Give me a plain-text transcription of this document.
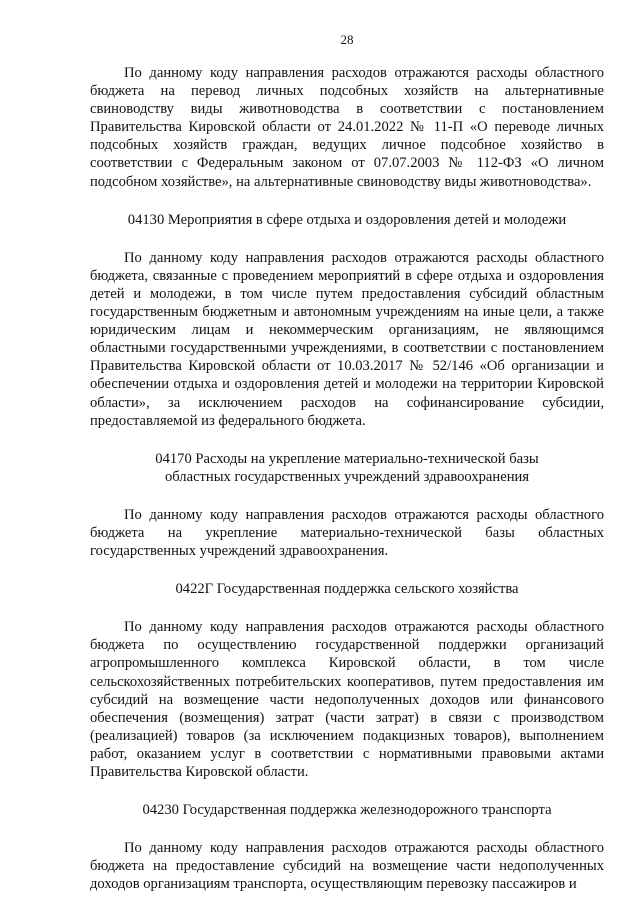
28

По данному коду направления расходов отражаются расходы областного бюджета на перевод личных подсобных хозяйств на альтернативные свиноводству виды животноводства в соответствии с постановлением Правительства Кировской области от 24.01.2022 № 11-П «О переводе личных подсобных хозяйств граждан, ведущих личное подсобное хозяйство в соответствии с Федеральным законом от 07.07.2003 № 112-ФЗ «О личном подсобном хозяйстве», на альтернативные свиноводству виды животноводства».

04130 Мероприятия в сфере отдыха и оздоровления детей и молодежи

По данному коду направления расходов отражаются расходы областного бюджета, связанные с проведением мероприятий в сфере отдыха и оздоровления детей и молодежи, в том числе путем предоставления субсидий областным государственным бюджетным и автономным учреждениям на иные цели, а также юридическим лицам и некоммерческим организациям, не являющимся областными государственными учреждениями, в соответствии с постановлением Правительства Кировской области от 10.03.2017 № 52/146 «Об организации и обеспечении отдыха и оздоровления детей и молодежи на территории Кировской области», за исключением расходов на софинансирование субсидии, предоставляемой из федерального бюджета.

04170 Расходы на укрепление материально-технической базы
областных государственных учреждений здравоохранения

По данному коду направления расходов отражаются расходы областного бюджета на укрепление материально-технической базы областных государственных учреждений здравоохранения.

0422Г Государственная поддержка сельского хозяйства

По данному коду направления расходов отражаются расходы областного бюджета по осуществлению государственной поддержки организаций агропромышленного комплекса Кировской области, в том числе сельскохозяйственных потребительских кооперативов, путем предоставления им субсидий на возмещение части недополученных доходов или финансового обеспечения (возмещения) затрат (части затрат) в связи с производством (реализацией) товаров (за исключением подакцизных товаров), выполнением работ, оказанием услуг в соответствии с нормативными правовыми актами Правительства Кировской области.

04230 Государственная поддержка железнодорожного транспорта

По данному коду направления расходов отражаются расходы областного бюджета на предоставление субсидий на возмещение части недополученных доходов организациям транспорта, осуществляющим перевозку пассажиров и
